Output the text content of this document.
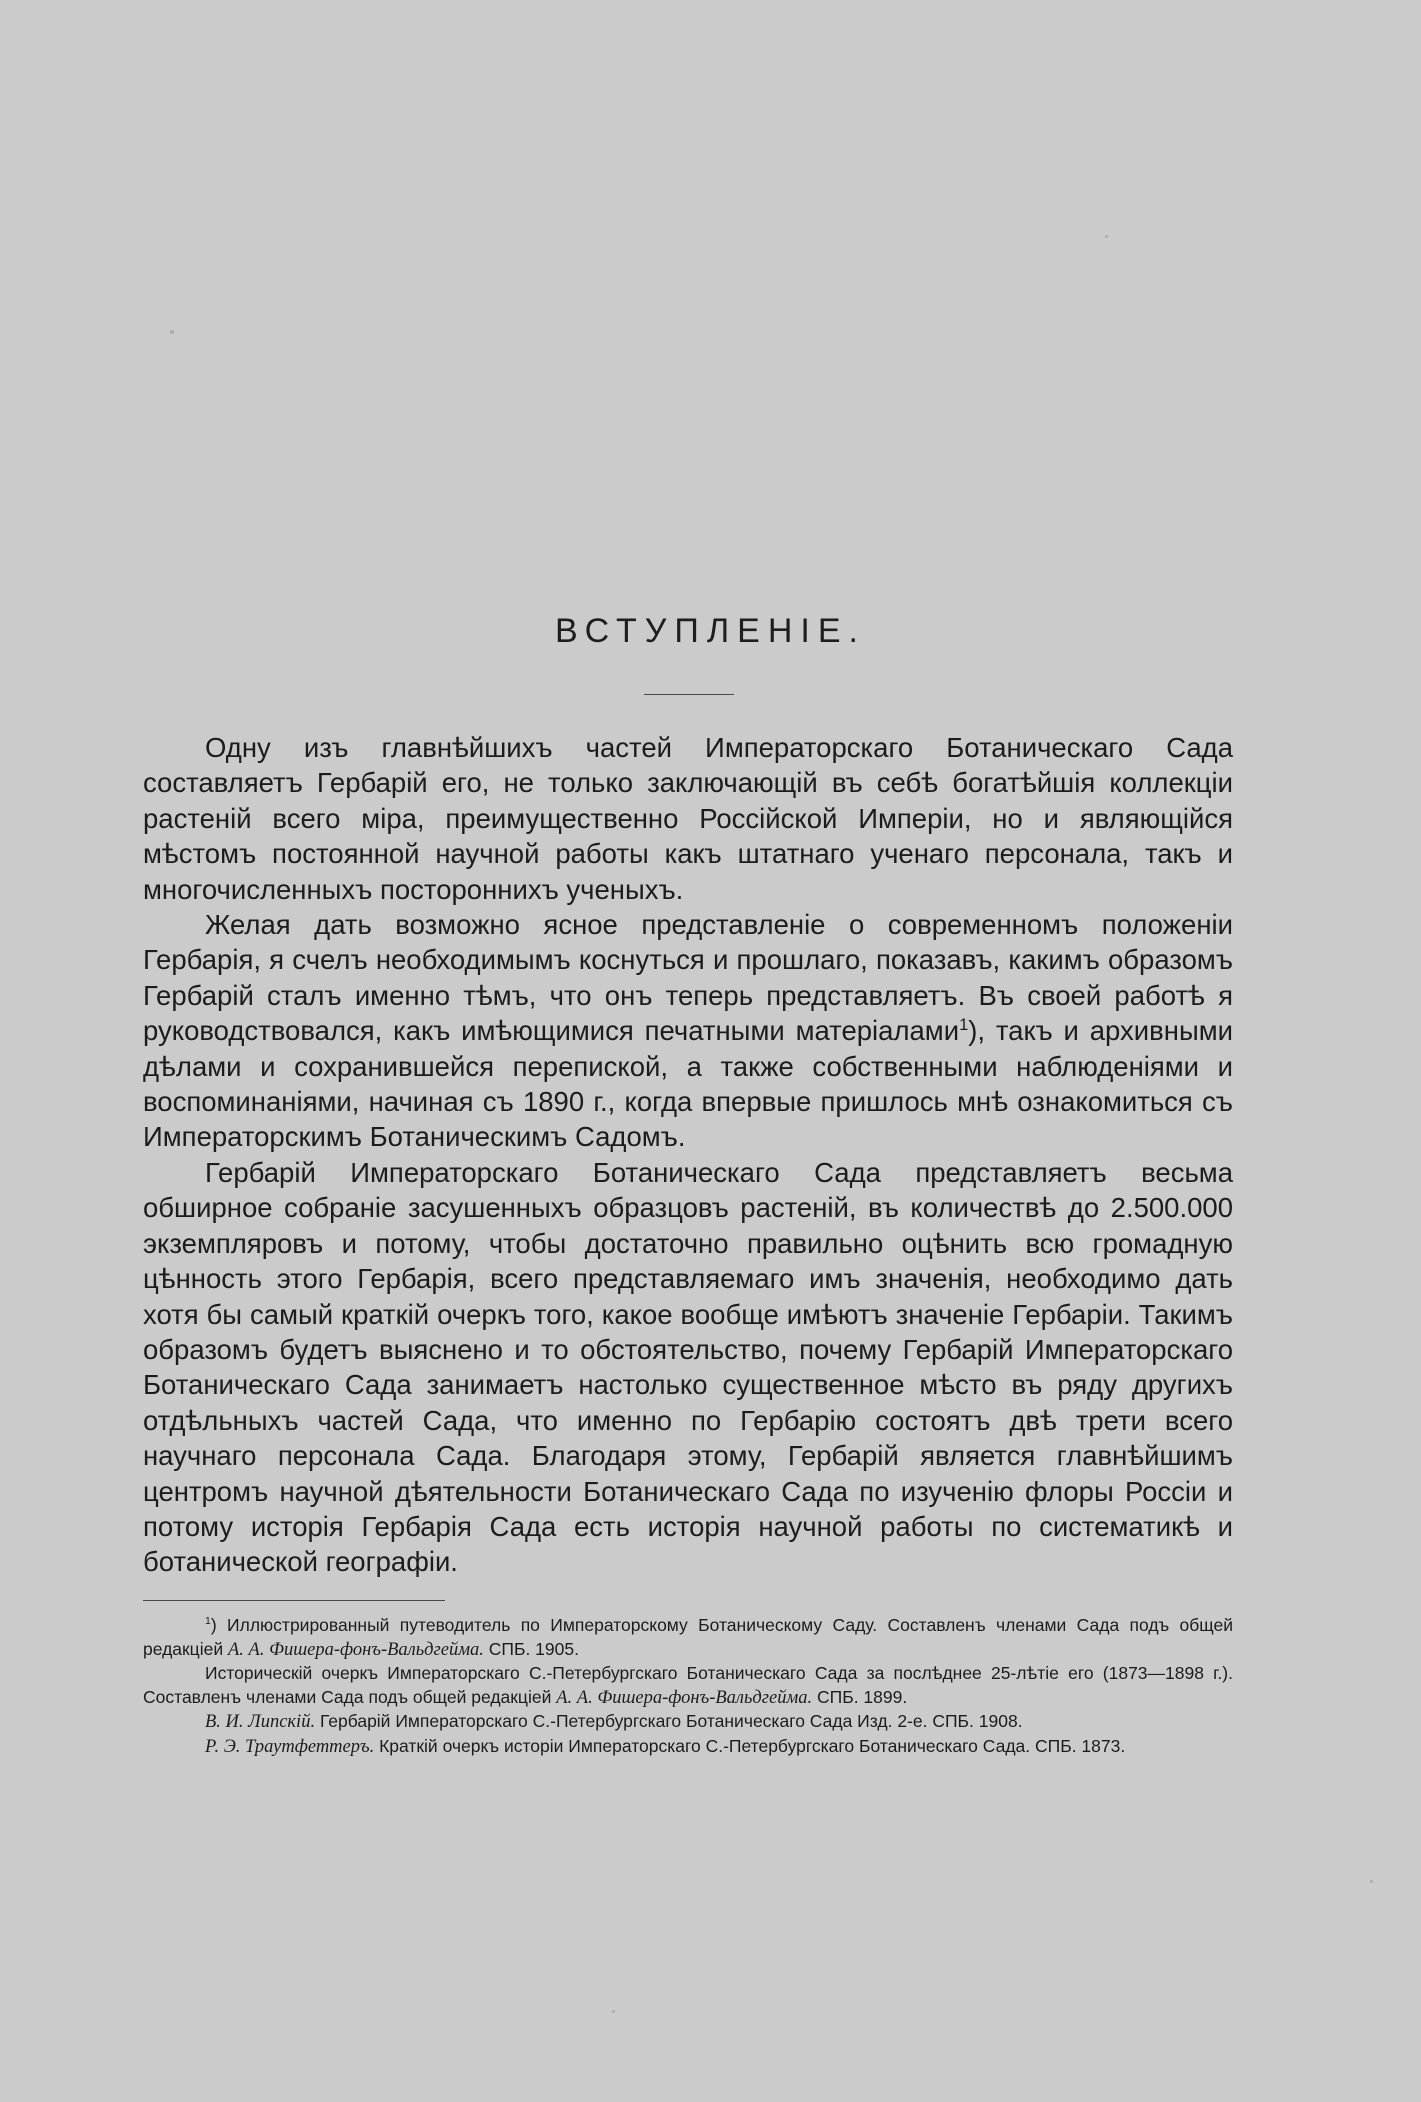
ВСТУПЛЕНІЕ.

Одну изъ главнѣйшихъ частей Императорскаго Ботаническаго Сада составляетъ Гербарій его, не только заключающій въ себѣ богатѣйшія коллекціи растеній всего міра, преимущественно Россійской Имперіи, но и являющійся мѣстомъ постоянной научной работы какъ штатнаго ученаго персонала, такъ и многочисленныхъ постороннихъ ученыхъ.

Желая дать возможно ясное представленіе о современномъ положеніи Гербарія, я счелъ необходимымъ коснуться и прошлаго, показавъ, какимъ образомъ Гербарій сталъ именно тѣмъ, что онъ теперь представляетъ. Въ своей работѣ я руководствовался, какъ имѣющимися печатными матеріалами$^1$), такъ и архивными дѣлами и сохранившейся перепиской, а также собственными наблюденіями и воспоминаніями, начиная съ 1890 г., когда впервые пришлось мнѣ ознакомиться съ Императорскимъ Ботаническимъ Садомъ.

Гербарій Императорскаго Ботаническаго Сада представляетъ весьма обширное собраніе засушенныхъ образцовъ растеній, въ количествѣ до 2.500.000 экземпляровъ и потому, чтобы достаточно правильно оцѣнить всю громадную цѣнность этого Гербарія, всего представляемаго имъ значенія, необходимо дать хотя бы самый краткій очеркъ того, какое вообще имѣютъ значеніе Гербаріи. Такимъ образомъ будетъ выяснено и то обстоятельство, почему Гербарій Императорскаго Ботаническаго Сада занимаетъ настолько существенное мѣсто въ ряду другихъ отдѣльныхъ частей Сада, что именно по Гербарію состоятъ двѣ трети всего научнаго персонала Сада. Благодаря этому, Гербарій является главнѣйшимъ центромъ научной дѣятельности Ботаническаго Сада по изученію флоры Россіи и потому исторія Гербарія Сада есть исторія научной работы по систематикѣ и ботанической географіи.

$^1$) Иллюстрированный путеводитель по Императорскому Ботаническому Саду. Составленъ членами Сада подъ общей редакціей А. А. Фишера-фонъ-Вальдгейма. СПБ. 1905.

Историческій очеркъ Императорскаго С.-Петербургскаго Ботаническаго Сада за послѣднее 25-лѣтіе его (1873—1898 г.). Составленъ членами Сада подъ общей редакціей А. А. Фишера-фонъ-Вальдгейма. СПБ. 1899.

В. И. Липскій. Гербарій Императорскаго С.-Петербургскаго Ботаническаго Сада Изд. 2-е. СПБ. 1908.

Р. Э. Траутфеттеръ. Краткій очеркъ исторіи Императорскаго С.-Петербургскаго Ботаническаго Сада. СПБ. 1873.
